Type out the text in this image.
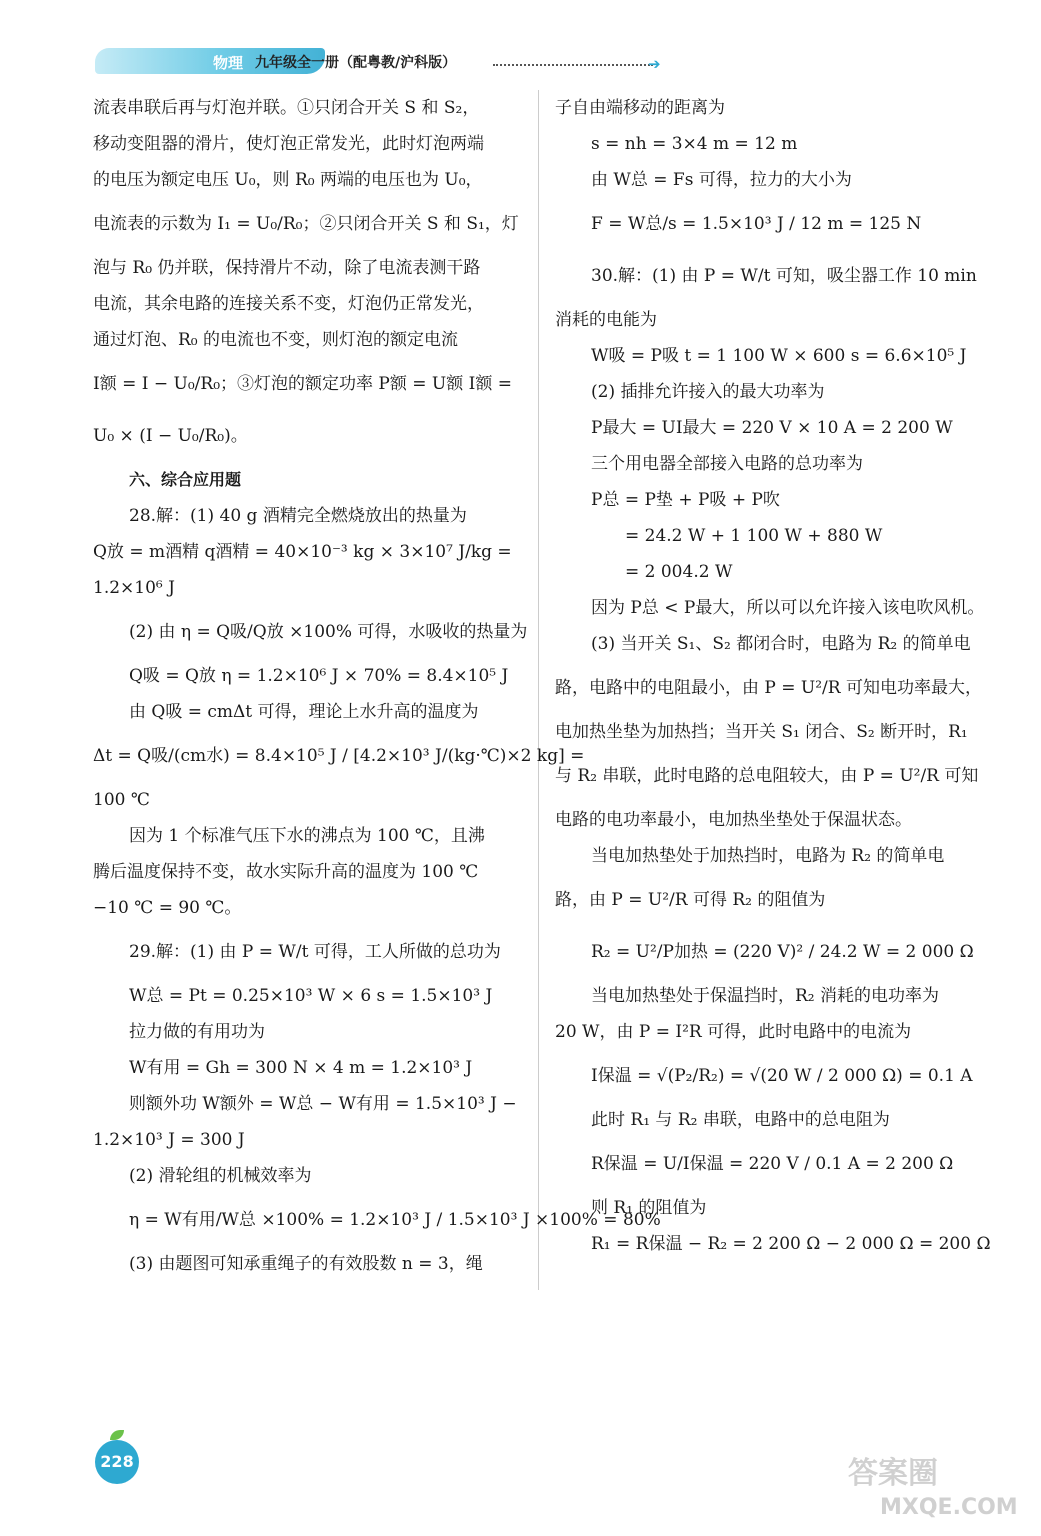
物理 九年级全一册（配粤教/沪科版）	➔
流表串联后再与灯泡并联。①只闭合开关 S 和 S₂，
移动变阻器的滑片，使灯泡正常发光，此时灯泡两端
的电压为额定电压 U₀，则 R₀ 两端的电压也为 U₀，
电流表的示数为 I₁ = U₀/R₀；②只闭合开关 S 和 S₁，灯
泡与 R₀ 仍并联，保持滑片不动，除了电流表测干路
电流，其余电路的连接关系不变，灯泡仍正常发光，
通过灯泡、R₀ 的电流也不变，则灯泡的额定电流
I额 = I − U₀/R₀；③灯泡的额定功率 P额 = U额 I额 =
U₀ × (I − U₀/R₀)。
六、综合应用题
28.解：(1) 40 g 酒精完全燃烧放出的热量为
Q放 = m酒精 q酒精 = 40×10⁻³ kg × 3×10⁷ J/kg =
1.2×10⁶ J
(2) 由 η = Q吸/Q放 ×100% 可得，水吸收的热量为
Q吸 = Q放 η = 1.2×10⁶ J × 70% = 8.4×10⁵ J
由 Q吸 = cmΔt 可得，理论上水升高的温度为
Δt = Q吸/(cm水) = 8.4×10⁵ J / [4.2×10³ J/(kg·℃)×2 kg] =
100 ℃
因为 1 个标准气压下水的沸点为 100 ℃，且沸
腾后温度保持不变，故水实际升高的温度为 100 ℃
−10 ℃ = 90 ℃。
29.解：(1) 由 P = W/t 可得，工人所做的总功为
W总 = Pt = 0.25×10³ W × 6 s = 1.5×10³ J
拉力做的有用功为
W有用 = Gh = 300 N × 4 m = 1.2×10³ J
则额外功 W额外 = W总 − W有用 = 1.5×10³ J −
1.2×10³ J = 300 J
(2) 滑轮组的机械效率为
η = W有用/W总 ×100% = 1.2×10³ J / 1.5×10³ J ×100% = 80%
(3) 由题图可知承重绳子的有效股数 n = 3，绳
子自由端移动的距离为
s = nh = 3×4 m = 12 m
由 W总 = Fs 可得，拉力的大小为
F = W总/s = 1.5×10³ J / 12 m = 125 N
30.解：(1) 由 P = W/t 可知，吸尘器工作 10 min
消耗的电能为
W吸 = P吸 t = 1 100 W × 600 s = 6.6×10⁵ J
(2) 插排允许接入的最大功率为
P最大 = UI最大 = 220 V × 10 A = 2 200 W
三个用电器全部接入电路的总功率为
P总 = P垫 + P吸 + P吹
= 24.2 W + 1 100 W + 880 W
= 2 004.2 W
因为 P总 < P最大，所以可以允许接入该电吹风机。
(3) 当开关 S₁、S₂ 都闭合时，电路为 R₂ 的简单电
路，电路中的电阻最小，由 P = U²/R 可知电功率最大，
电加热坐垫为加热挡；当开关 S₁ 闭合、S₂ 断开时，R₁
与 R₂ 串联，此时电路的总电阻较大，由 P = U²/R 可知
电路的电功率最小，电加热坐垫处于保温状态。
当电加热垫处于加热挡时，电路为 R₂ 的简单电
路，由 P = U²/R 可得 R₂ 的阻值为
R₂ = U²/P加热 = (220 V)² / 24.2 W = 2 000 Ω
当电加热垫处于保温挡时，R₂ 消耗的电功率为
20 W，由 P = I²R 可得，此时电路中的电流为
I保温 = √(P₂/R₂) = √(20 W / 2 000 Ω) = 0.1 A
此时 R₁ 与 R₂ 串联，电路中的总电阻为
R保温 = U/I保温 = 220 V / 0.1 A = 2 200 Ω
则 R₁ 的阻值为
R₁ = R保温 − R₂ = 2 200 Ω − 2 000 Ω = 200 Ω
228	答案圈
MXQE.COM
